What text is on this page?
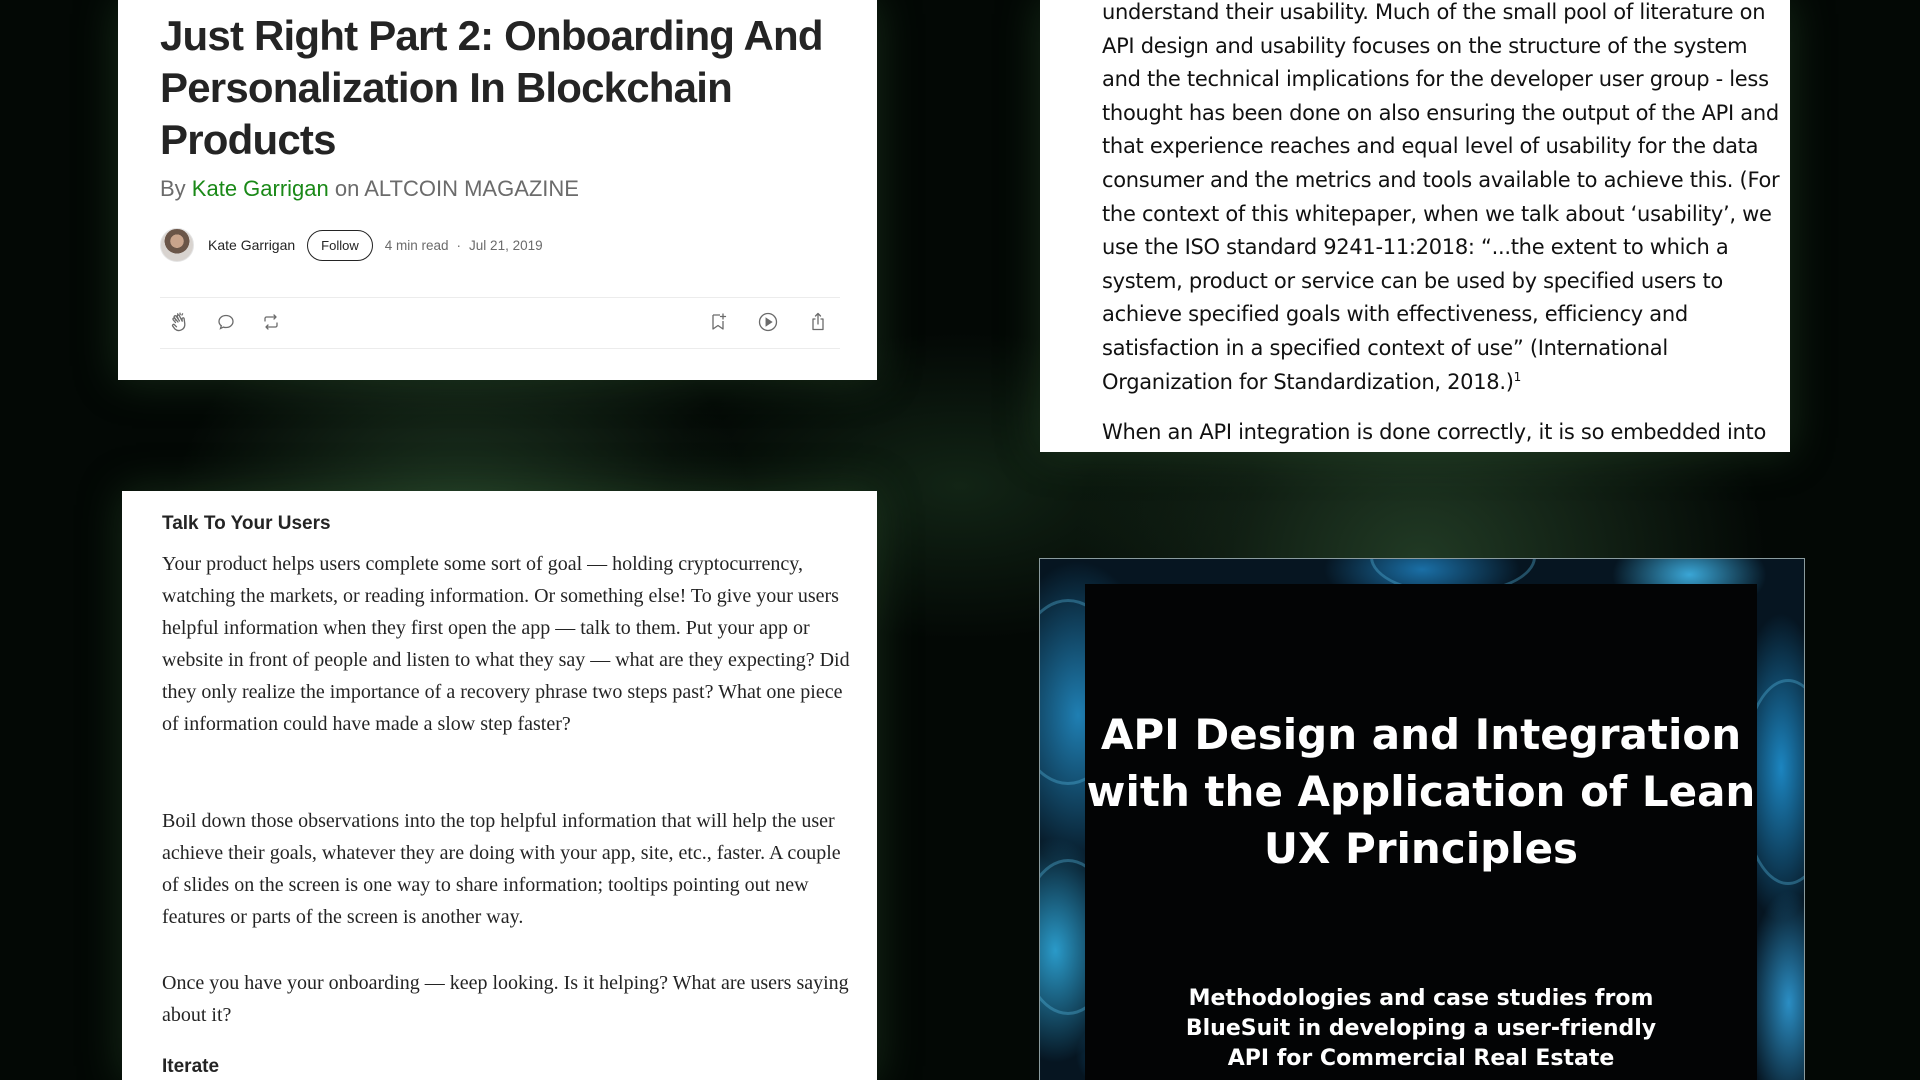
Just Right Part 2: Onboarding And Personalization In Blockchain Products
By Kate Garrigan on ALTCOIN MAGAZINE
Kate Garrigan	Follow	4 min read · Jul 21, 2019

understand their usability. Much of the small pool of literature on API design and usability focuses on the structure of the system and the technical implications for the developer user group - less thought has been done on also ensuring the output of the API and that experience reaches and equal level of usability for the data consumer and the metrics and tools available to achieve this. (For the context of this whitepaper, when we talk about ‘usability’, we use the ISO standard 9241-11:2018: “...the extent to which a system, product or service can be used by specified users to achieve specified goals with effectiveness, efficiency and satisfaction in a specified context of use” (International Organization for Standardization, 2018.)$^1$

When an API integration is done correctly, it is so embedded into

Talk To Your Users

Your product helps users complete some sort of goal — holding cryptocurrency, watching the markets, or reading information. Or something else! To give your users helpful information when they first open the app — talk to them. Put your app or website in front of people and listen to what they say — what are they expecting? Did they only realize the importance of a recovery phrase two steps past? What one piece of information could have made a slow step faster?

Boil down those observations into the top helpful information that will help the user achieve their goals, whatever they are doing with your app, site, etc., faster. A couple of slides on the screen is one way to share information; tooltips pointing out new features or parts of the screen is another way.

Once you have your onboarding — keep looking. Is it helping? What are users saying about it?

Iterate
API Design and Integration with the Application of Lean UX Principles

Methodologies and case studies from BlueSuit in developing a user-friendly API for Commercial Real Estate
